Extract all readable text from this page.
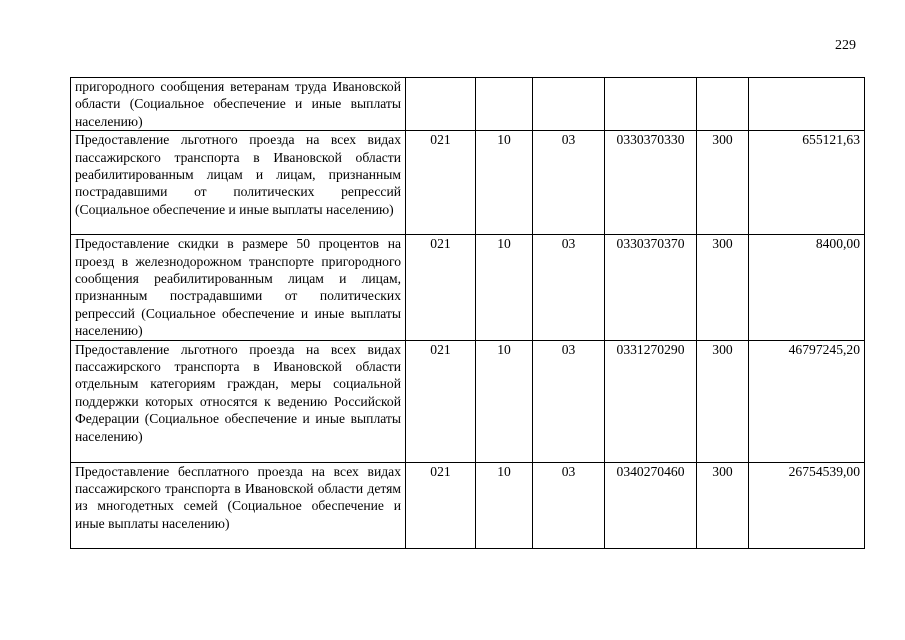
229
пригородного сообщения ветеранам труда Ивановской области (Социальное обеспечение и иные выплаты населению)						
Предоставление льготного проезда на всех видах пассажирского транспорта в Ивановской области реабилитированным лицам и лицам, признанным пострадавшими от политических репрессий (Социальное обеспечение и иные выплаты населению)	021	10	03	0330370330	300	655121,63
Предоставление скидки в размере 50 процентов на проезд в железнодорожном транспорте пригородного сообщения реабилитированным лицам и лицам, признанным пострадавшими от политических репрессий (Социальное обеспечение и иные выплаты населению)	021	10	03	0330370370	300	8400,00
Предоставление льготного проезда на всех видах пассажирского транспорта в Ивановской области отдельным категориям граждан, меры социальной поддержки которых относятся к ведению Российской Федерации (Социальное обеспечение и иные выплаты населению)	021	10	03	0331270290	300	46797245,20
Предоставление бесплатного проезда на всех видах пассажирского транспорта в Ивановской области детям из многодетных семей (Социальное обеспечение и иные выплаты населению)	021	10	03	0340270460	300	26754539,00
